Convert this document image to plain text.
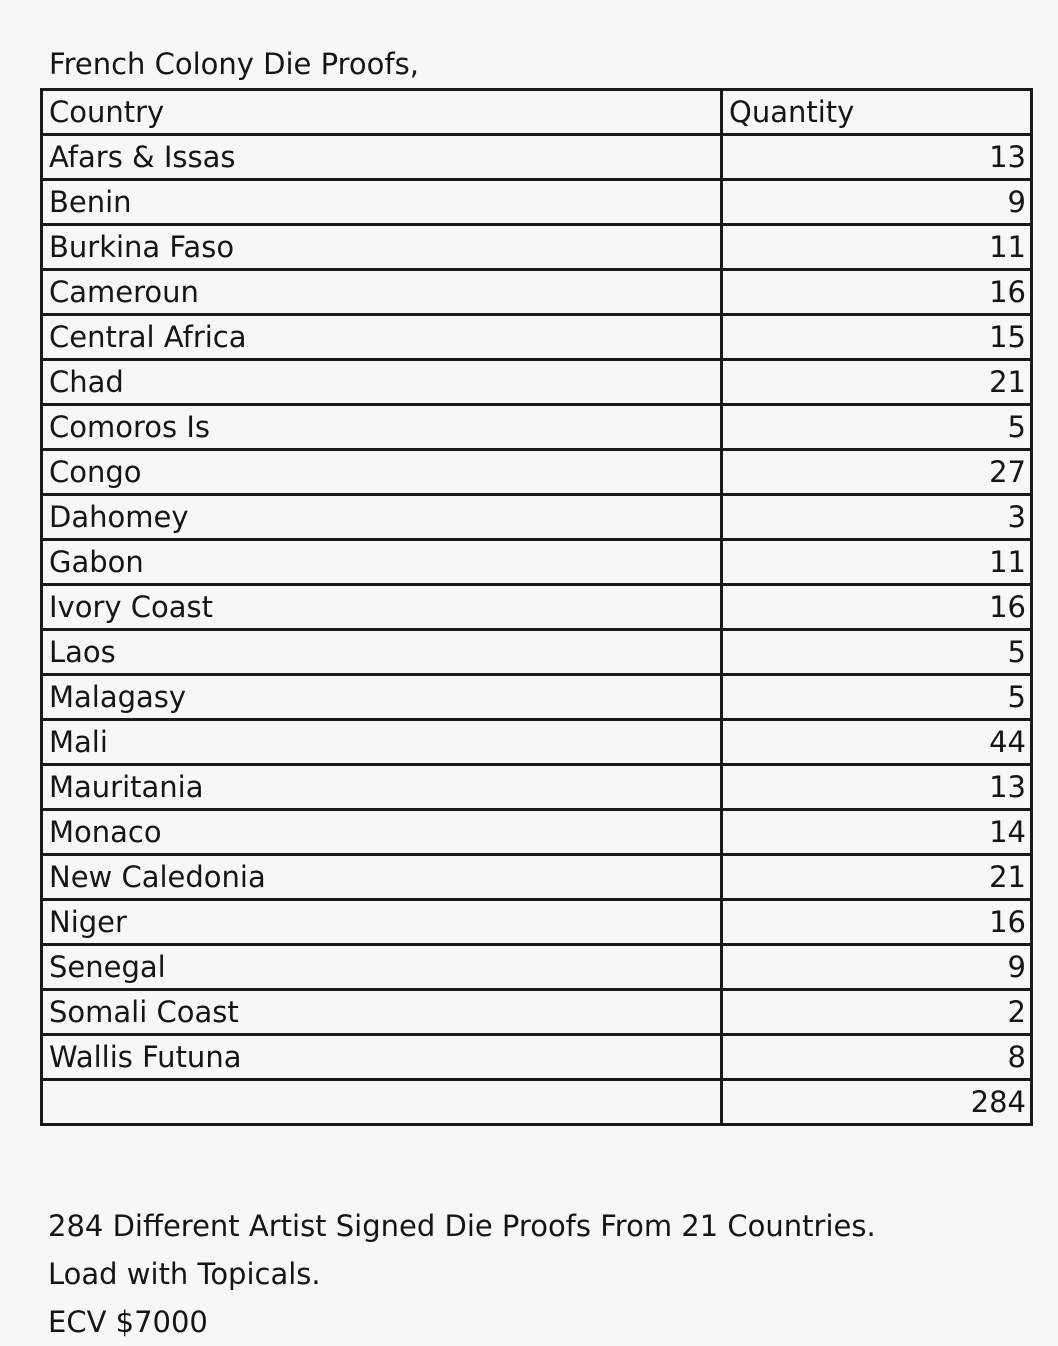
French Colony Die Proofs,
Country	Quantity
Afars & Issas	13
Benin	9
Burkina Faso	11
Cameroun	16
Central Africa	15
Chad	21
Comoros Is	5
Congo	27
Dahomey	3
Gabon	11
Ivory Coast	16
Laos	5
Malagasy	5
Mali	44
Mauritania	13
Monaco	14
New Caledonia	21
Niger	16
Senegal	9
Somali Coast	2
Wallis Futuna	8
	284
284 Different Artist Signed Die Proofs From 21 Countries.
Load with Topicals.
ECV $7000
